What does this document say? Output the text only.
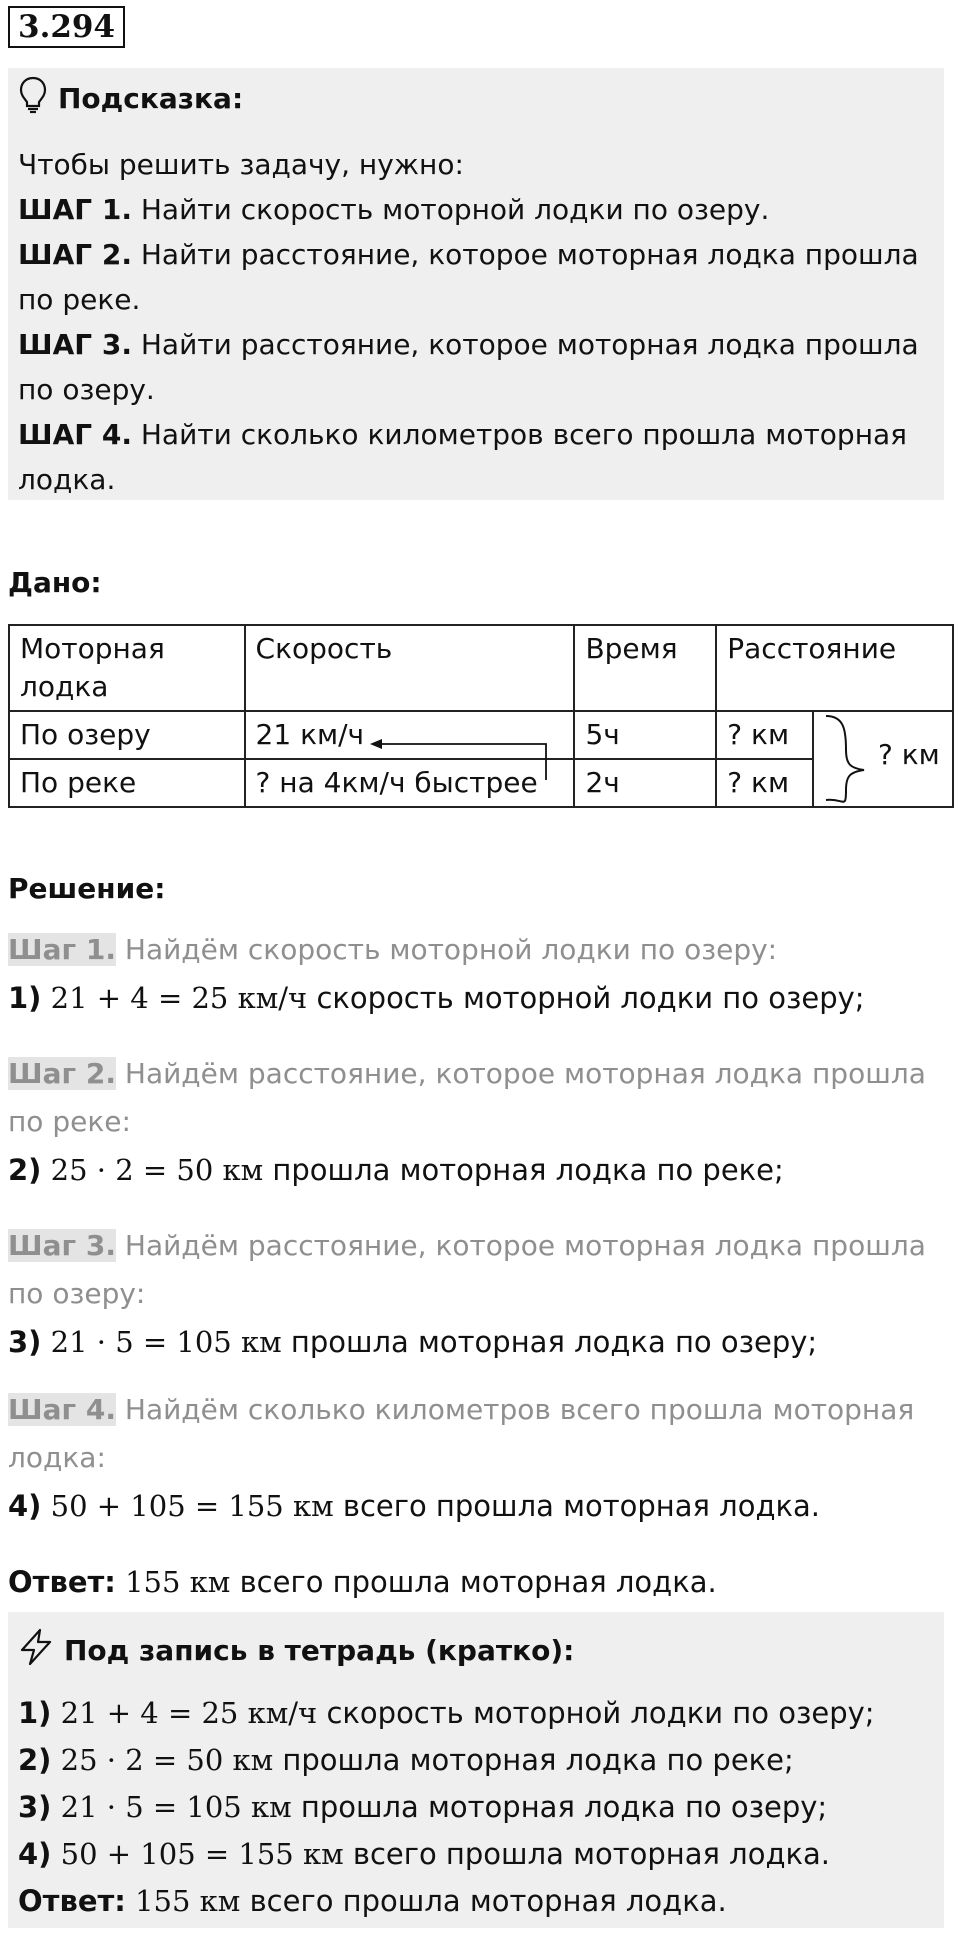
3.294
Подсказка:

Чтобы решить задачу, нужно:

ШАГ 1. Найти скорость моторной лодки по озеру.

ШАГ 2. Найти расстояние, которое моторная лодка прошла по реке.

ШАГ 3. Найти расстояние, которое моторная лодка прошла по озеру.

ШАГ 4. Найти сколько километров всего прошла моторная лодка.

Дано:
Моторная лодка	Скорость	Время	Расстояние	
По озеру	21 км/ч	5ч	? км	
По реке	? на 4км/ч быстрее	2ч	? км	
? км
Решение:
Шаг 1. Найдём скорость моторной лодки по озеру:
1) 21 + 4 = 25 км/ч скорость моторной лодки по озеру;
Шаг 2. Найдём расстояние, которое моторная лодка прошла по реке:
2) 25 · 2 = 50 км прошла моторная лодка по реке;
Шаг 3. Найдём расстояние, которое моторная лодка прошла по озеру:
3) 21 · 5 = 105 км прошла моторная лодка по озеру;
Шаг 4. Найдём сколько километров всего прошла моторная лодка:
4) 50 + 105 = 155 км всего прошла моторная лодка.
Ответ: 155 км всего прошла моторная лодка.
Под запись в тетрадь (кратко):

1) 21 + 4 = 25 км/ч скорость моторной лодки по озеру;

2) 25 · 2 = 50 км прошла моторная лодка по реке;

3) 21 · 5 = 105 км прошла моторная лодка по озеру;

4) 50 + 105 = 155 км всего прошла моторная лодка.

Ответ: 155 км всего прошла моторная лодка.
